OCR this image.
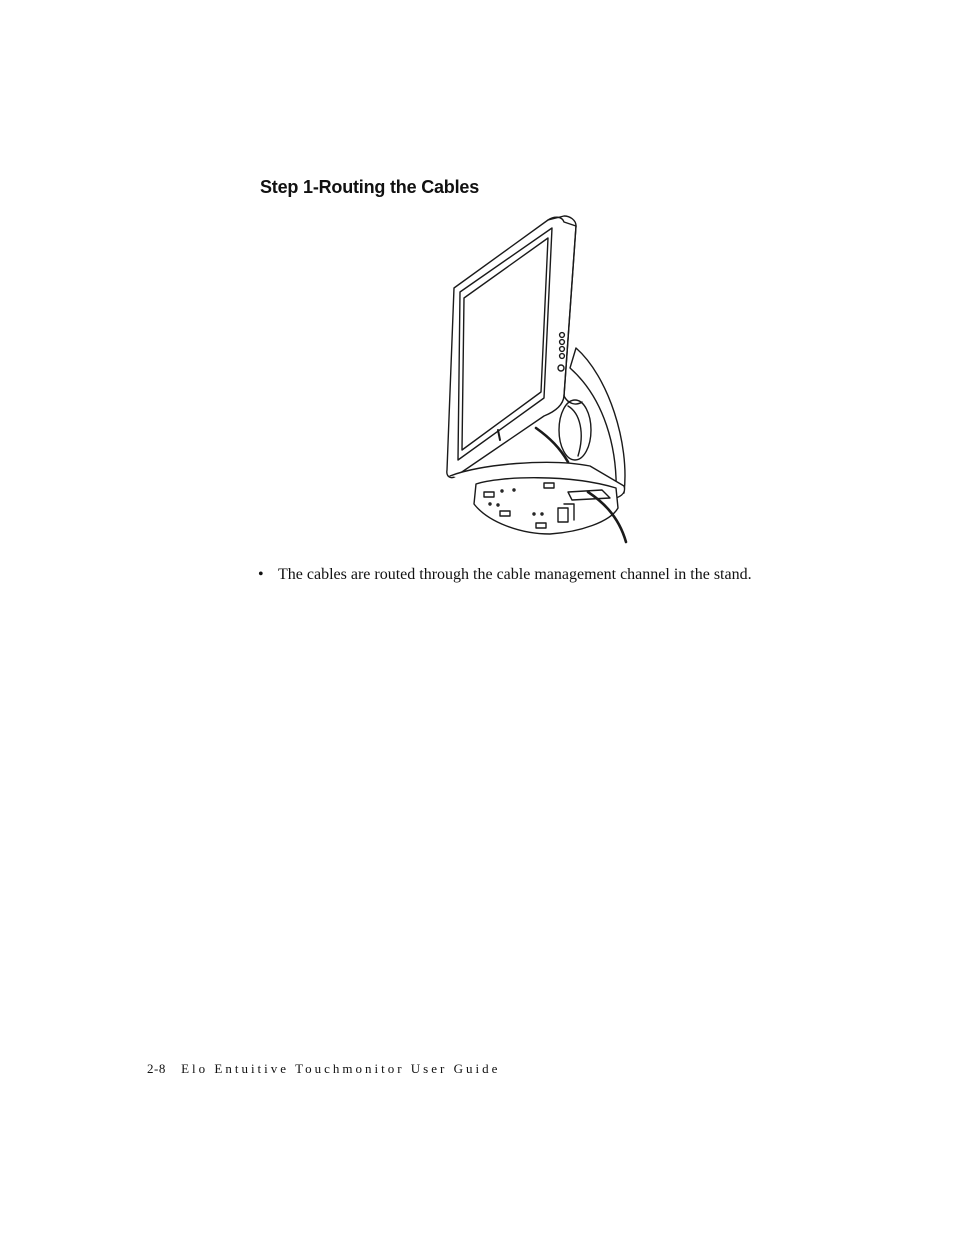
Step 1-Routing the Cables
• The cables are routed through the cable management channel in the stand.
2-8 Elo Entuitive Touchmonitor User Guide
